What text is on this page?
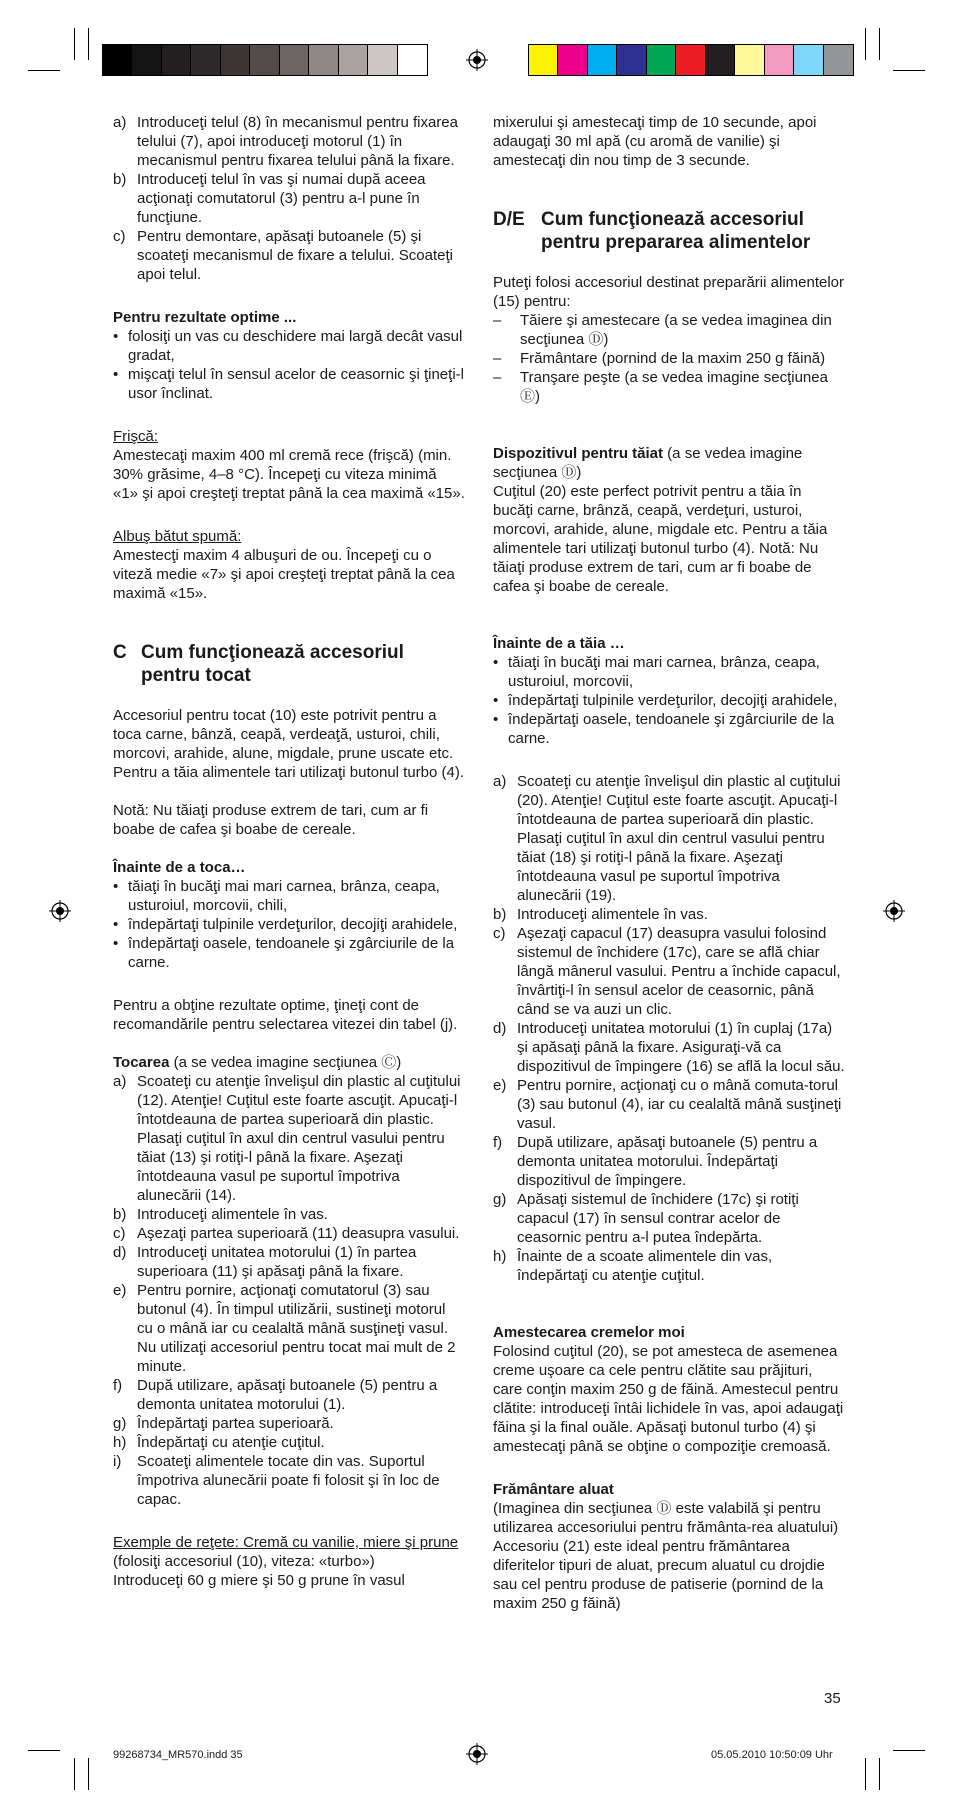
a) Introduceţi telul (8) în mecanismul pentru fixarea telului (7), apoi introduceţi motorul (1) în mecanismul pentru fixarea telului până la fixare.
b) Introduceţi telul în vas şi numai după aceea acţionaţi comutatorul (3) pentru a-l pune în funcţiune.
c) Pentru demontare, apăsaţi butoanele (5) şi scoateţi mecanismul de fixare a telului. Scoateţi apoi telul.

Pentru rezultate optime ...

• folosiţi un vas cu deschidere mai largă decât vasul gradat,
• mişcaţi telul în sensul acelor de ceasornic şi ţineţi-l usor înclinat.

Frişcă:

Amestecaţi maxim 400 ml cremă rece (frişcă) (min. 30% grăsime, 4–8 °C). Începeţi cu viteza minimă «1» şi apoi creşteţi treptat până la cea maximă «15».

Albuş bătut spumă:

Amestecţi maxim 4 albuşuri de ou. Începeţi cu o viteză medie «7» şi apoi creşteţi treptat până la cea maximă «15».

C Cum funcţionează accesoriul pentru tocat

Accesoriul pentru tocat (10) este potrivit pentru a toca carne, bânză, ceapă, verdeaţă, usturoi, chili, morcovi, arahide, alune, migdale, prune uscate etc. Pentru a tăia alimentele tari utilizaţi butonul turbo (4).

Notă: Nu tăiaţi produse extrem de tari, cum ar fi boabe de cafea şi boabe de cereale.

Înainte de a toca…

• tăiaţi în bucăţi mai mari carnea, brânza, ceapa, usturoiul, morcovii, chili,
• îndepărtaţi tulpinile verdeţurilor, decojiţi arahidele,
• îndepărtaţi oasele, tendoanele şi zgârciurile de la carne.

Pentru a obţine rezultate optime, ţineţi cont de recomandările pentru selectarea vitezei din tabel (j).

Tocarea (a se vedea imagine secţiunea Ⓒ)

a) Scoateţi cu atenţie învelişul din plastic al cuţitului (12). Atenţie! Cuţitul este foarte ascuţit. Apucaţi-l întotdeauna de partea superioară din plastic. Plasaţi cuţitul în axul din centrul vasului pentru tăiat (13) şi rotiţi-l până la fixare. Aşezaţi întotdeauna vasul pe suportul împotriva alunecării (14).
b) Introduceţi alimentele în vas.
c) Aşezaţi partea superioară (11) deasupra vasului.
d) Introduceţi unitatea motorului (1) în partea superioara (11) şi apăsaţi până la fixare.
e) Pentru pornire, acţionaţi comutatorul (3) sau butonul (4). În timpul utilizării, sustineţi motorul cu o mână iar cu cealaltă mână susţineţi vasul. Nu utilizaţi accesoriul pentru tocat mai mult de 2 minute.
f) După utilizare, apăsaţi butoanele (5) pentru a demonta unitatea motorului (1).
g) Îndepărtaţi partea superioară.
h) Îndepărtaţi cu atenţie cuţitul.
i)	Scoateţi alimentele tocate din vas. Suportul împotriva alunecării poate fi folosit şi în loc de capac.

Exemple de reţete: Cremă cu vanilie, miere şi prune

(folosiţi accesoriul (10), viteza: «turbo»)

Introduceţi 60 g miere şi 50 g prune în vasul

mixerului şi amestecaţi timp de 10 secunde, apoi adaugaţi 30 ml apă (cu aromă de vanilie) şi amestecaţi din nou timp de 3 secunde.

D/E Cum funcţionează accesoriul pentru prepararea alimentelor

Puteţi folosi accesoriul destinat preparării alimentelor (15) pentru:

–	Tăiere şi amestecare (a se vedea imaginea din secţiunea Ⓓ)
–	Frământare (pornind de la maxim 250 g făină)
–	Tranşare peşte (a se vedea imagine secţiunea Ⓔ)

Dispozitivul pentru tăiat (a se vedea imagine secţiunea Ⓓ)

Cuţitul (20) este perfect potrivit pentru a tăia în bucăţi carne, brânză, ceapă, verdeţuri, usturoi, morcovi, arahide, alune, migdale etc. Pentru a tăia alimentele tari utilizaţi butonul turbo (4). Notă: Nu tăiaţi produse extrem de tari, cum ar fi boabe de cafea şi boabe de cereale.

Înainte de a tăia …

• tăiaţi în bucăţi mai mari carnea, brânza, ceapa, usturoiul, morcovii,
• îndepărtaţi tulpinile verdeţurilor, decojiţi arahidele,
• îndepărtaţi oasele, tendoanele şi zgârciurile de la carne.
a) Scoateţi cu atenţie învelişul din plastic al cuţitului (20). Atenţie! Cuţitul este foarte ascuţit. Apucaţi-l întotdeauna de partea superioară din plastic. Plasaţi cuţitul în axul din centrul vasului pentru tăiat (18) şi rotiţi-l până la fixare. Aşezaţi întotdeauna vasul pe suportul împotriva alunecării (19).
b) Introduceţi alimentele în vas.
c) Aşezaţi capacul (17) deasupra vasului folosind sistemul de închidere (17c), care se află chiar lângă mânerul vasului. Pentru a închide capacul, învârtiţi-l în sensul acelor de ceasornic, până când se va auzi un clic.
d) Introduceţi unitatea motorului (1) în cuplaj (17a) şi apăsaţi până la fixare. Asiguraţi-vă ca dispozitivul de împingere (16) se află la locul său.
e) Pentru pornire, acţionaţi cu o mână comuta-torul (3) sau butonul (4), iar cu cealaltă mână susţineţi vasul.
f) După utilizare, apăsaţi butoanele (5) pentru a demonta unitatea motorului. Îndepărtaţi dispozitivul de împingere.
g) Apăsaţi sistemul de închidere (17c) şi rotiţi capacul (17) în sensul contrar acelor de ceasornic pentru a-l putea îndepărta.
h) Înainte de a scoate alimentele din vas, îndepărtaţi cu atenţie cuţitul.

Amestecarea cremelor moi

Folosind cuţitul (20), se pot amesteca de asemenea creme uşoare ca cele pentru clătite sau prăjituri, care conţin maxim 250 g de făină. Amestecul pentru clătite: introduceţi întâi lichidele în vas, apoi adaugaţi făina şi la final ouăle. Apăsaţi butonul turbo (4) şi amestecaţi până se obţine o compoziţie cremoasă.

Frământare aluat

(Imaginea din secţiunea Ⓓ este valabilă şi pentru utilizarea accesoriului pentru frământa-rea aluatului)

Accesoriu (21) este ideal pentru frământarea diferitelor tipuri de aluat, precum aluatul cu drojdie sau cel pentru produse de patiserie (pornind de la maxim 250 g făină)

35
99268734_MR570.indd 35	05.05.2010 10:50:09 Uhr
